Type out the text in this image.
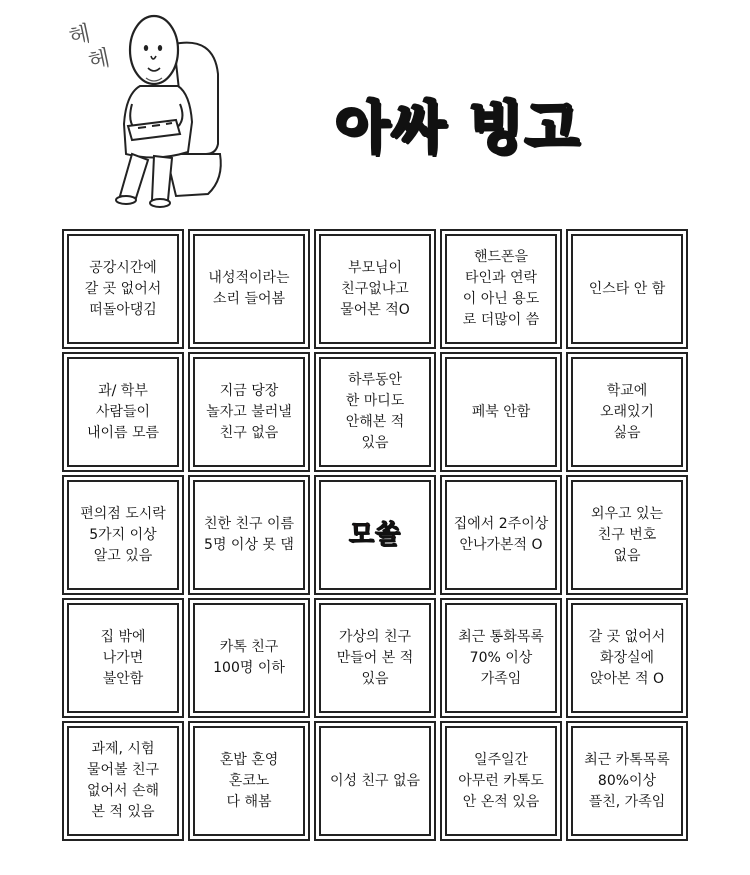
헤
헤
아싸 빙고
공강시간에
갈 곳 없어서
떠돌아댕김
내성적이라는
소리 들어봄
부모님이
친구없냐고
물어본 적O
핸드폰을
타인과 연락
이 아닌 용도
로 더많이 씀
인스타 안 함
과/ 학부
사람들이
내이름 모름
지금 당장
놀자고 불러낼
친구 없음
하루동안
한 마디도
안해본 적
있음
페북 안함
학교에
오래있기
싫음
편의점 도시락
5가지 이상
알고 있음
친한 친구 이름
5명 이상 못 댐 모쏠	집에서 2주이상
안나가본적 O
외우고 있는
친구 번호
없음
집 밖에
나가면
불안함
카톡 친구
100명 이하
가상의 친구
만들어 본 적
있음
최근 통화목록
70% 이상
가족임
갈 곳 없어서
화장실에
앉아본 적 O
과제, 시험
물어볼 친구
없어서 손해
본 적 있음
혼밥 혼영
혼코노
다 해봄
이성 친구 없음
일주일간
아무런 카톡도
안 온적 있음
최근 카톡목록
80%이상
플친, 가족임
